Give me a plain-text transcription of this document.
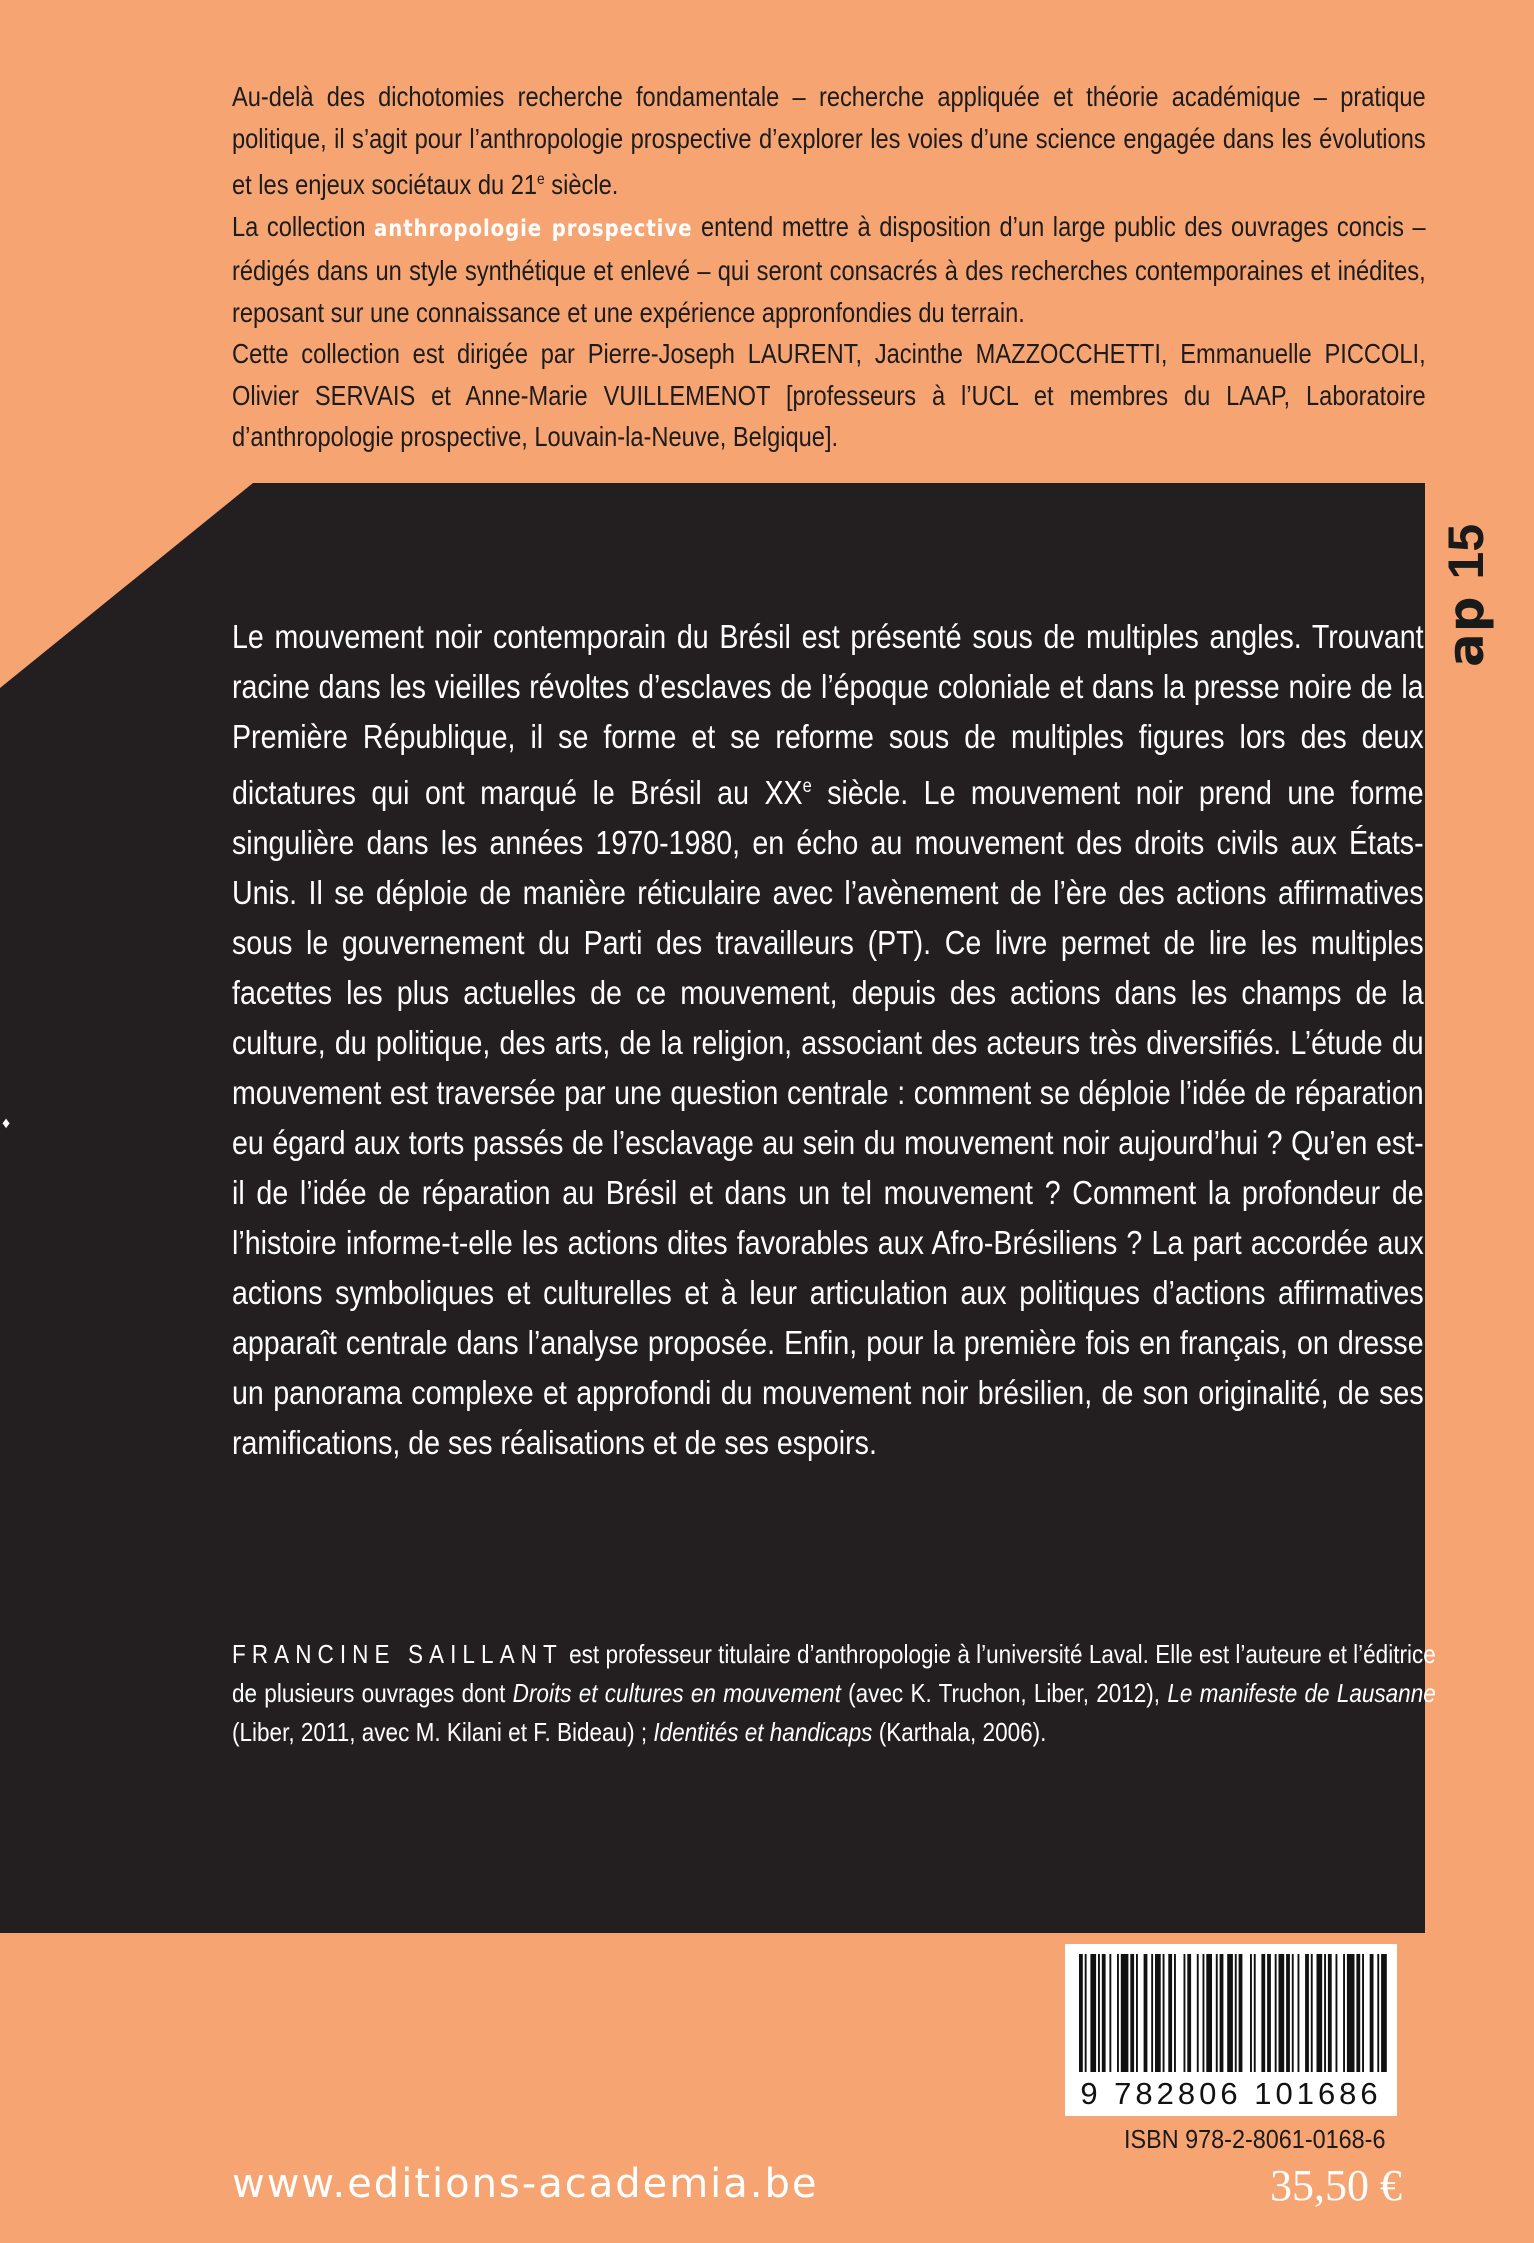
Au-delà des dichotomies recherche fondamentale – recherche appliquée et théorie académique – pratique politique, il s’agit pour l’anthropologie prospective d’explorer les voies d’une science engagée dans les évolutions et les enjeux sociétaux du 21e siècle.

La collection anthropologie prospective entend mettre à disposition d’un large public des ouvrages concis – rédigés dans un style synthétique et enlevé – qui seront consacrés à des recherches contemporaines et inédites, reposant sur une connaissance et une expérience appronfondies du terrain.

Cette collection est dirigée par Pierre-Joseph LAURENT, Jacinthe MAZZOCCHETTI, Emmanuelle PICCOLI, Olivier SERVAIS et Anne-Marie VUILLEMENOT [professeurs à l’UCL et membres du LAAP, Laboratoire d’anthropologie prospective, Louvain-la-Neuve, Belgique].

ap15
♦

Le mouvement noir contemporain du Brésil est présenté sous de multiples angles. Trouvant racine dans les vieilles révoltes d’esclaves de l’époque coloniale et dans la presse noire de la Première République, il se forme et se reforme sous de multiples figures lors des deux dictatures qui ont marqué le Brésil au XXe siècle. Le mouvement noir prend une forme singulière dans les années 1970-1980, en écho au mouvement des droits civils aux États-Unis. Il se déploie de manière réticulaire avec l’avènement de l’ère des actions affirmatives sous le gouvernement du Parti des travailleurs (PT). Ce livre permet de lire les multiples facettes les plus actuelles de ce mouvement, depuis des actions dans les champs de la culture, du politique, des arts, de la religion, associant des acteurs très diversifiés. L’étude du mouvement est traversée par une question centrale : comment se déploie l’idée de réparation eu égard aux torts passés de l’esclavage au sein du mouvement noir aujourd’hui ? Qu’en est-il de l’idée de réparation au Brésil et dans un tel mouvement ? Comment la profondeur de l’histoire informe-t-elle les actions dites favorables aux Afro-Brésiliens ? La part accordée aux actions symboliques et culturelles et à leur articulation aux politiques d’actions affirmatives apparaît centrale dans l’analyse proposée. Enfin, pour la première fois en français, on dresse un panorama complexe et approfondi du mouvement noir brésilien, de son originalité, de ses ramifications, de ses réalisations et de ses espoirs.

FRANCINE SAILLANT est professeur titulaire d’anthropologie à l’université Laval. Elle est l’auteure et l’éditrice de plusieurs ouvrages dont Droits et cultures en mouvement (avec K. Truchon, Liber, 2012), Le manifeste de Lausanne (Liber, 2011, avec M. Kilani et F. Bideau) ; Identités et handicaps (Karthala, 2006).

9 782806 101686
ISBN 978-2-8061-0168-6
www.editions-academia.be	35,50 €
